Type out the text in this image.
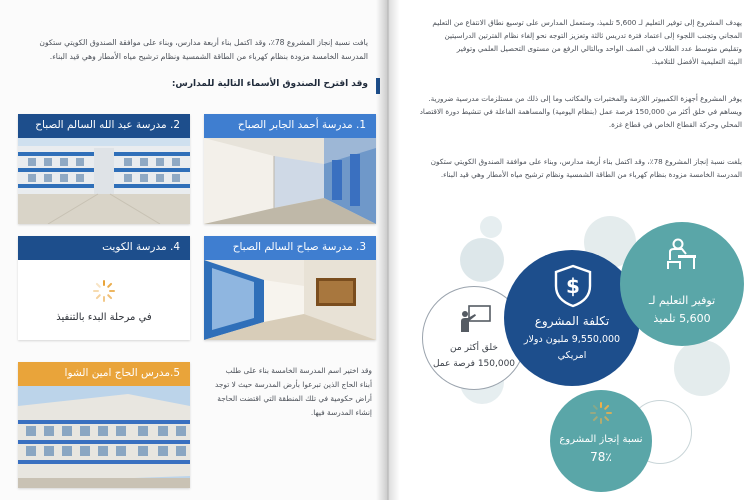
يافت نسبة إنجاز المشروع 78٪، وقد اكتمل بناء أربعة مدارس، وبناء على موافقة الصندوق الكويتي ستكون
المدرسة الخامسة مزودة بنظام كهرباء من الطاقة الشمسية ونظام ترشيح مياه الأمطار وهي قيد البناء.
وقد اقترح الصندوق الأسماء التالية للمدارس:
1. مدرسة أحمد الجابر الصباح
2. مدرسة عبد الله السالم الصباح
3. مدرسة صباح السالم الصباح
4. مدرسة الكويت
في مرحلة البدء بالتنفيذ
5.مدرس الحاج امين الشوا	وقد اختير اسم المدرسة الخامسة بناء على طلب
أبناء الحاج الذين تبرعوا بأرض المدرسة حيث لا توجد
أراض حكومية في تلك المنطقة التي اقتضت الحاجة
إنشاء المدرسة فيها.
يهدف المشروع إلى توفير التعليم لـ 5,600 تلميذ، وستعمل المدارس على توسيع نطاق الانتفاع من التعليم
المجاني وتجنب اللجوء إلى اعتماد فترة تدريس ثالثة وتعزيز التوجه نحو إلغاء نظام الفترتين الدراسيتين
وتقليص متوسط عدد الطلاب في الصف الواحد وبالتالي الرفع من مستوى التحصيل العلمي وتوفير
البيئة التعليمية الأفضل للتلاميذ.
يوفر المشروع أجهزة الكمبيوتر اللازمة والمختبرات والمكاتب وما إلى ذلك من مستلزمات مدرسية ضرورية.
ويساهم في خلق أكثر من 150,000 فرصة عمل (بنظام اليومية) والمساهمة الفاعلة في تنشيط دورة الاقتصاد
المحلي وحركة القطاع الخاص في قطاع غزة.
بلغت نسبة إنجاز المشروع 78٪، وقد اكتمل بناء أربعة مدارس، وبناء على موافقة الصندوق الكويتي ستكون
المدرسة الخامسة مزودة بنظام كهرباء من الطاقة الشمسية ونظام ترشيح مياه الأمطار وهي قيد البناء.
خلق أكثر من
150,000 فرصة عمل
$
تكلفة المشروع
9,550,000 مليون دولار
امريكي
توفير التعليم لـ
5,600 تلميذ
نسبة إنجاز المشروع
78٪
